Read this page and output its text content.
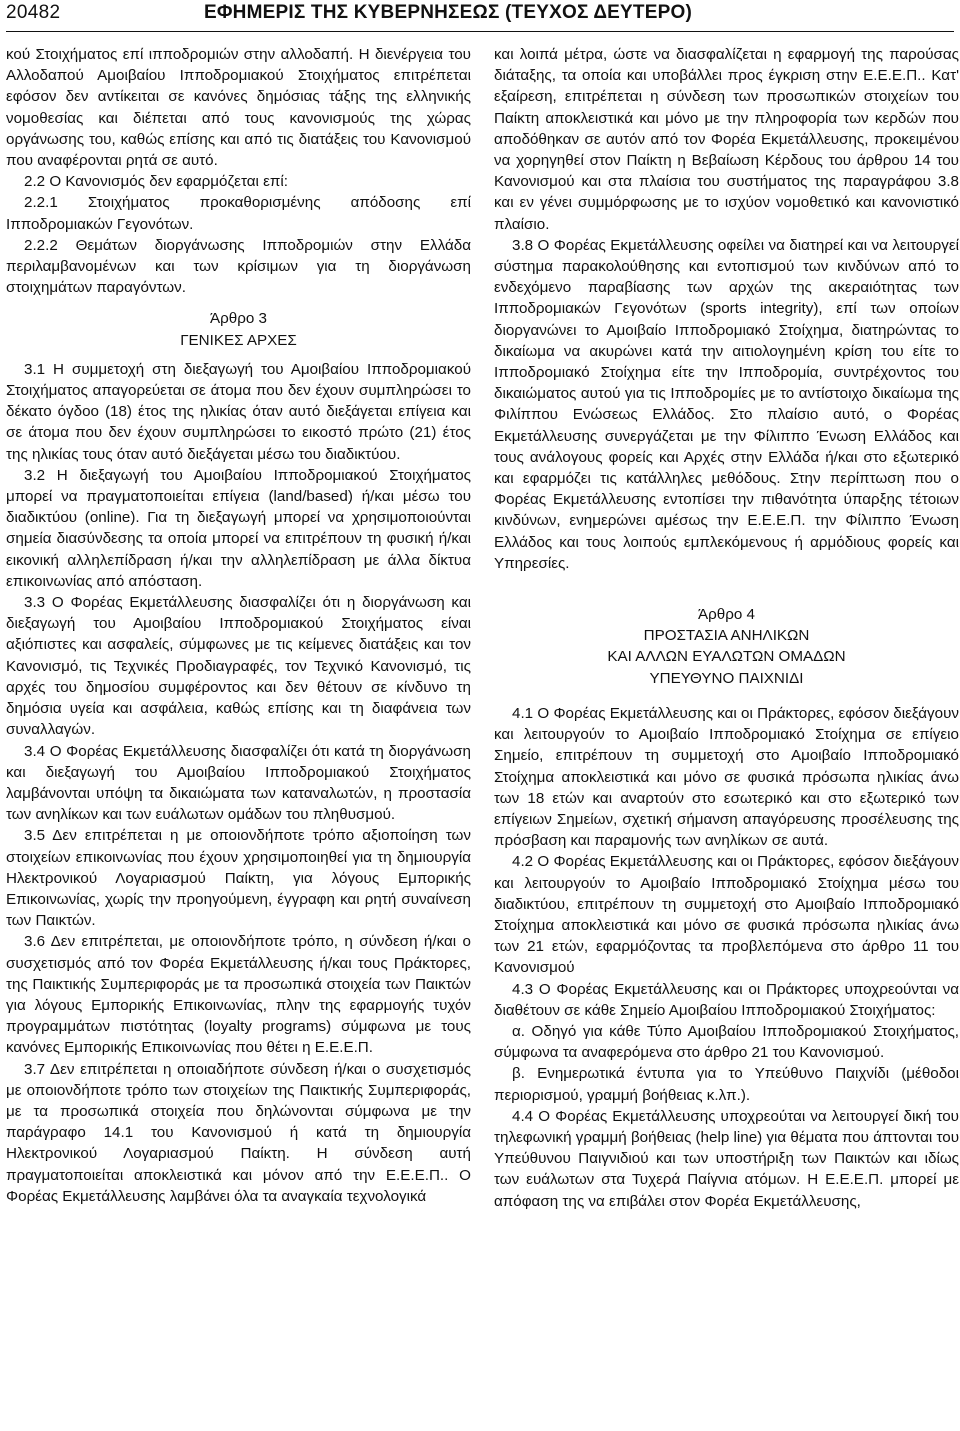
20482	ΕΦΗΜΕΡΙΣ ΤΗΣ ΚΥΒΕΡΝΗΣΕΩΣ (ΤΕΥΧΟΣ ΔΕΥΤΕΡΟ)

κού Στοιχήματος επί ιπποδρομιών στην αλλοδαπή. Η διενέργεια του Αλλοδαπού Αμοιβαίου Ιπποδρομιακού Στοιχήματος επιτρέπεται εφόσον δεν αντίκειται σε κανόνες δημόσιας τάξης της ελληνικής νομοθεσίας και διέπεται από τους κανονισμούς της χώρας οργάνωσης του, καθώς επίσης και από τις διατάξεις του Κανονισμού που αναφέρονται ρητά σε αυτό.

2.2 Ο Κανονισμός δεν εφαρμόζεται επί:

2.2.1 Στοιχήματος προκαθορισμένης απόδοσης επί Ιπποδρομιακών Γεγονότων.

2.2.2 Θεμάτων διοργάνωσης Ιπποδρομιών στην Ελλάδα περιλαμβανομένων και των κρίσιμων για τη διοργάνωση στοιχημάτων παραγόντων.

Άρθρο 3

ΓΕΝΙΚΕΣ ΑΡΧΕΣ

3.1 Η συμμετοχή στη διεξαγωγή του Αμοιβαίου Ιπποδρομιακού Στοιχήματος απαγορεύεται σε άτομα που δεν έχουν συμπληρώσει το δέκατο όγδοο (18) έτος της ηλικίας όταν αυτό διεξάγεται επίγεια και σε άτομα που δεν έχουν συμπληρώσει το εικοστό πρώτο (21) έτος της ηλικίας τους όταν αυτό διεξάγεται μέσω του διαδικτύου.

3.2 Η διεξαγωγή του Αμοιβαίου Ιπποδρομιακού Στοιχήματος μπορεί να πραγματοποιείται επίγεια (land/based) ή/και μέσω του διαδικτύου (online). Για τη διεξαγωγή μπορεί να χρησιμοποιούνται σημεία διασύνδεσης τα οποία μπορεί να επιτρέπουν τη φυσική ή/και εικονική αλληλεπίδραση ή/και την αλληλεπίδραση με άλλα δίκτυα επικοινωνίας από απόσταση.

3.3 Ο Φορέας Εκμετάλλευσης διασφαλίζει ότι η διοργάνωση και διεξαγωγή του Αμοιβαίου Ιπποδρομιακού Στοιχήματος είναι αξιόπιστες και ασφαλείς, σύμφωνες με τις κείμενες διατάξεις και τον Κανονισμό, τις Τεχνικές Προδιαγραφές, τον Τεχνικό Κανονισμό, τις αρχές του δημοσίου συμφέροντος και δεν θέτουν σε κίνδυνο τη δημόσια υγεία και ασφάλεια, καθώς επίσης και τη διαφάνεια των συναλλαγών.

3.4 Ο Φορέας Εκμετάλλευσης διασφαλίζει ότι κατά τη διοργάνωση και διεξαγωγή του Αμοιβαίου Ιπποδρομιακού Στοιχήματος λαμβάνονται υπόψη τα δικαιώματα των καταναλωτών, η προστασία των ανηλίκων και των ευάλωτων ομάδων του πληθυσμού.

3.5 Δεν επιτρέπεται η με οποιονδήποτε τρόπο αξιοποίηση των στοιχείων επικοινωνίας που έχουν χρησιμοποιηθεί για τη δημιουργία Ηλεκτρονικού Λογαριασμού Παίκτη, για λόγους Εμπορικής Επικοινωνίας, χωρίς την προηγούμενη, έγγραφη και ρητή συναίνεση των Παικτών.

3.6 Δεν επιτρέπεται, με οποιονδήποτε τρόπο, η σύνδεση ή/και ο συσχετισμός από τον Φορέα Εκμετάλλευσης ή/και τους Πράκτορες, της Παικτικής Συμπεριφοράς με τα προσωπικά στοιχεία των Παικτών για λόγους Εμπορικής Επικοινωνίας, πλην της εφαρμογής τυχόν προγραμμάτων πιστότητας (loyalty programs) σύμφωνα με τους κανόνες Εμπορικής Επικοινωνίας που θέτει η Ε.Ε.Ε.Π.

3.7 Δεν επιτρέπεται η οποιαδήποτε σύνδεση ή/και ο συσχετισμός με οποιονδήποτε τρόπο των στοιχείων της Παικτικής Συμπεριφοράς, με τα προσωπικά στοιχεία που δηλώνονται σύμφωνα με την παράγραφο 14.1 του Κανονισμού ή κατά τη δημιουργία Ηλεκτρονικού Λογαριασμού Παίκτη. Η σύνδεση αυτή πραγματοποιείται αποκλειστικά και μόνον από την Ε.Ε.Ε.Π.. Ο Φορέας Εκμετάλλευσης λαμβάνει όλα τα αναγκαία τεχνολογικά

και λοιπά μέτρα, ώστε να διασφαλίζεται η εφαρμογή της παρούσας διάταξης, τα οποία και υποβάλλει προς έγκριση στην Ε.Ε.Ε.Π.. Κατ' εξαίρεση, επιτρέπεται η σύνδεση των προσωπικών στοιχείων του Παίκτη αποκλειστικά και μόνο με την πληροφορία των κερδών που αποδόθηκαν σε αυτόν από τον Φορέα Εκμετάλλευσης, προκειμένου να χορηγηθεί στον Παίκτη η Βεβαίωση Κέρδους του άρθρου 14 του Κανονισμού και στα πλαίσια του συστήματος της παραγράφου 3.8 και εν γένει συμμόρφωσης με το ισχύον νομοθετικό και κανονιστικό πλαίσιο.

3.8 Ο Φορέας Εκμετάλλευσης οφείλει να διατηρεί και να λειτουργεί σύστημα παρακολούθησης και εντοπισμού των κινδύνων από το ενδεχόμενο παραβίασης των αρχών της ακεραιότητας των Ιπποδρομιακών Γεγονότων (sports integrity), επί των οποίων διοργανώνει το Αμοιβαίο Ιπποδρομιακό Στοίχημα, διατηρώντας το δικαίωμα να ακυρώνει κατά την αιτιολογημένη κρίση του είτε το Ιπποδρομιακό Στοίχημα είτε την Ιπποδρομία, συντρέχοντος του δικαιώματος αυτού για τις Ιπποδρομίες με το αντίστοιχο δικαίωμα της Φιλίππου Ενώσεως Ελλάδος. Στο πλαίσιο αυτό, ο Φορέας Εκμετάλλευσης συνεργάζεται με την Φίλιππο Ένωση Ελλάδος και τους ανάλογους φορείς και Αρχές στην Ελλάδα ή/και στο εξωτερικό και εφαρμόζει τις κατάλληλες μεθόδους. Στην περίπτωση που ο Φορέας Εκμετάλλευσης εντοπίσει την πιθανότητα ύπαρξης τέτοιων κινδύνων, ενημερώνει αμέσως την Ε.Ε.Ε.Π. την Φίλιππο Ένωση Ελλάδος και τους λοιπούς εμπλεκόμενους ή αρμόδιους φορείς και Υπηρεσίες.

Άρθρο 4

ΠΡΟΣΤΑΣΙΑ ΑΝΗΛΙΚΩΝ

ΚΑΙ ΑΛΛΩΝ ΕΥΑΛΩΤΩΝ ΟΜΑΔΩΝ

ΥΠΕΥΘΥΝΟ ΠΑΙΧΝΙΔΙ

4.1 Ο Φορέας Εκμετάλλευσης και οι Πράκτορες, εφόσον διεξάγουν και λειτουργούν το Αμοιβαίο Ιπποδρομιακό Στοίχημα σε επίγειο Σημείο, επιτρέπουν τη συμμετοχή στο Αμοιβαίο Ιπποδρομιακό Στοίχημα αποκλειστικά και μόνο σε φυσικά πρόσωπα ηλικίας άνω των 18 ετών και αναρτούν στο εσωτερικό και στο εξωτερικό των επίγειων Σημείων, σχετική σήμανση απαγόρευσης προσέλευσης της πρόσβαση και παραμονής των ανηλίκων σε αυτά.

4.2 Ο Φορέας Εκμετάλλευσης και οι Πράκτορες, εφόσον διεξάγουν και λειτουργούν το Αμοιβαίο Ιπποδρομιακό Στοίχημα μέσω του διαδικτύου, επιτρέπουν τη συμμετοχή στο Αμοιβαίο Ιπποδρομιακό Στοίχημα αποκλειστικά και μόνο σε φυσικά πρόσωπα ηλικίας άνω των 21 ετών, εφαρμόζοντας τα προβλεπόμενα στο άρθρο 11 του Κανονισμού

4.3 Ο Φορέας Εκμετάλλευσης και οι Πράκτορες υποχρεούνται να διαθέτουν σε κάθε Σημείο Αμοιβαίου Ιπποδρομιακού Στοιχήματος:

α. Οδηγό για κάθε Τύπο Αμοιβαίου Ιπποδρομιακού Στοιχήματος, σύμφωνα τα αναφερόμενα στο άρθρο 21 του Κανονισμού.

β. Ενημερωτικά έντυπα για το Υπεύθυνο Παιχνίδι (μέθοδοι περιορισμού, γραμμή βοήθειας κ.λπ.).

4.4 Ο Φορέας Εκμετάλλευσης υποχρεούται να λειτουργεί δική του τηλεφωνική γραμμή βοήθειας (help line) για θέματα που άπτονται του Υπεύθυνου Παιγνιδιού και των υποστήριξη των Παικτών και ιδίως των ευάλωτων στα Τυχερά Παίγνια ατόμων. Η Ε.Ε.Ε.Π. μπορεί με απόφαση της να επιβάλει στον Φορέα Εκμετάλλευσης,
